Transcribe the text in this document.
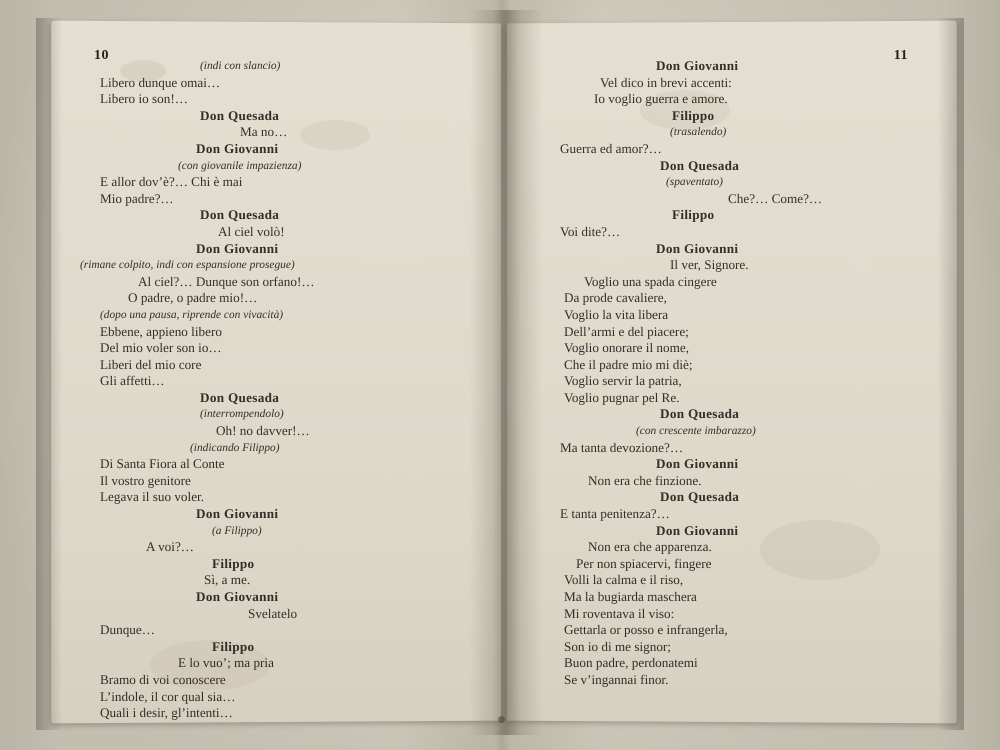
10	11
(indi con slancio)
Libero dunque omai…
Libero io son!…
Don Quesada
Ma no…
Don Giovanni
(con giovanile impazienza)
E allor dov’è?… Chi è mai
Mio padre?…
Don Quesada
Al ciel volò!
Don Giovanni
(rimane colpito, indi con espansione prosegue)
Al ciel?… Dunque son orfano!…
O padre, o padre mio!…
(dopo una pausa, riprende con vivacità)
Ebbene, appieno libero
Del mio voler son io…
Liberi del mio core
Gli affetti…
Don Quesada
(interrompendolo)
Oh! no davver!…
(indicando Filippo)
Di Santa Fiora al Conte
Il vostro genitore
Legava il suo voler.
Don Giovanni
(a Filippo)
A voi?…
Filippo
Sì, a me.
Don Giovanni
Svelatelo
Dunque…
Filippo
E lo vuo’; ma pria
Bramo di voi conoscere
L’indole, il cor qual sia…
Quali i desir, gl’intenti…
Don Giovanni
Vel dico in brevi accenti:
Io voglio guerra e amore.
Filippo
(trasalendo)
Guerra ed amor?…
Don Quesada
(spaventato)
Che?… Come?…
Filippo
Voi dite?…
Don Giovanni
Il ver, Signore.
Voglio una spada cingere
Da prode cavaliere,
Voglio la vita libera
Dell’armi e del piacere;
Voglio onorare il nome,
Che il padre mio mi diè;
Voglio servir la patria,
Voglio pugnar pel Re.
Don Quesada
(con crescente imbarazzo)
Ma tanta devozione?…
Don Giovanni
Non era che finzione.
Don Quesada
E tanta penitenza?…
Don Giovanni
Non era che apparenza.
Per non spiacervi, fingere
Volli la calma e il riso,
Ma la bugiarda maschera
Mi roventava il viso:
Gettarla or posso e infrangerla,
Son io di me signor;
Buon padre, perdonatemi
Se v’ingannai finor.
